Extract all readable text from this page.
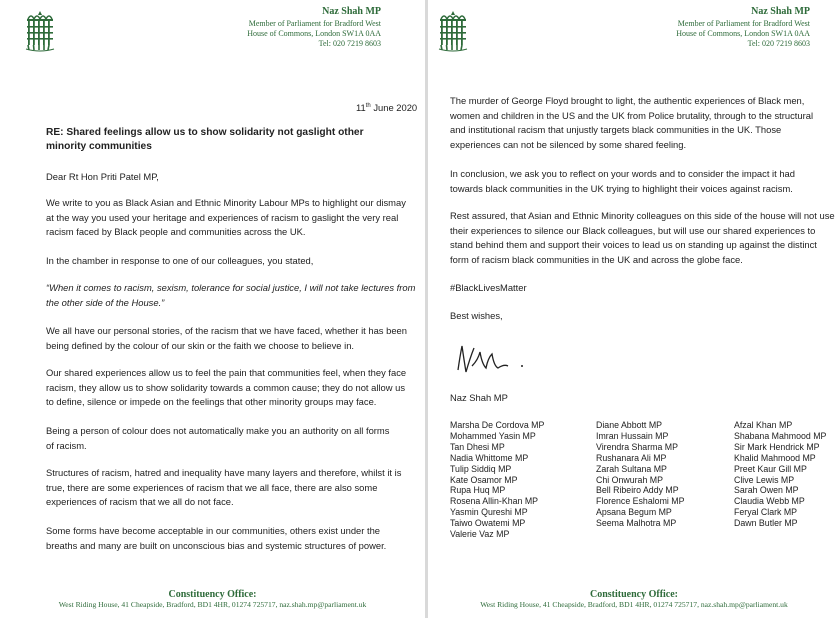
Naz Shah MP
Member of Parliament for Bradford West
House of Commons, London SW1A 0AA
Tel: 020 7219 8603
11th June 2020
RE: Shared feelings allow us to show solidarity not gaslight other minority communities
Dear Rt Hon Priti Patel MP,
We write to you as Black Asian and Ethnic Minority Labour MPs to highlight our dismay at the way you used your heritage and experiences of racism to gaslight the very real racism faced by Black people and communities across the UK.
In the chamber in response to one of our colleagues, you stated,
“When it comes to racism, sexism, tolerance for social justice, I will not take lectures from the other side of the House.”
We all have our personal stories, of the racism that we have faced, whether it has been being defined by the colour of our skin or the faith we choose to believe in.
Our shared experiences allow us to feel the pain that communities feel, when they face racism, they allow us to show solidarity towards a common cause; they do not allow us to define, silence or impede on the feelings that other minority groups may face.
Being a person of colour does not automatically make you an authority on all forms of racism.
Structures of racism, hatred and inequality have many layers and therefore, whilst it is true, there are some experiences of racism that we all face, there are also some experiences of racism that we all do not face.
Some forms have become acceptable in our communities, others exist under the breaths and many are built on unconscious bias and systemic structures of power.
Constituency Office:
West Riding House, 41 Cheapside, Bradford, BD1 4HR, 01274 725717, naz.shah.mp@parliament.uk
Naz Shah MP
Member of Parliament for Bradford West
House of Commons, London SW1A 0AA
Tel: 020 7219 8603
The murder of George Floyd brought to light, the authentic experiences of Black men, women and children in the US and the UK from Police brutality, through to the structural and institutional racism that unjustly targets black communities in the UK. Those experiences can not be silenced by some shared feeling.
In conclusion, we ask you to reflect on your words and to consider the impact it had towards black communities in the UK trying to highlight their voices against racism.
Rest assured, that Asian and Ethnic Minority colleagues on this side of the house will not use their experiences to silence our Black colleagues, but will use our shared experiences to stand behind them and support their voices to lead us on standing up against the distinct form of racism black communities in the UK and across the globe face.
#BlackLivesMatter
Best wishes,
Naz Shah MP
Marsha De Cordova MP
Mohammed Yasin MP
Tan Dhesi MP
Nadia Whittome MP
Tulip Siddiq MP
Kate Osamor MP
Rupa Huq MP
Rosena Allin-Khan MP
Yasmin Qureshi MP
Taiwo Owatemi MP
Valerie Vaz MP
Diane Abbott MP
Imran Hussain MP
Virendra Sharma MP
Rushanara Ali MP
Zarah Sultana MP
Chi Onwurah MP
Bell Ribeiro Addy MP
Florence Eshalomi MP
Apsana Begum MP
Seema Malhotra MP
Afzal Khan MP
Shabana Mahmood MP
Sir Mark Hendrick MP
Khalid Mahmood MP
Preet Kaur Gill MP
Clive Lewis MP
Sarah Owen MP
Claudia Webb MP
Feryal Clark MP
Dawn Butler MP
Constituency Office:
West Riding House, 41 Cheapside, Bradford, BD1 4HR, 01274 725717, naz.shah.mp@parliament.uk
